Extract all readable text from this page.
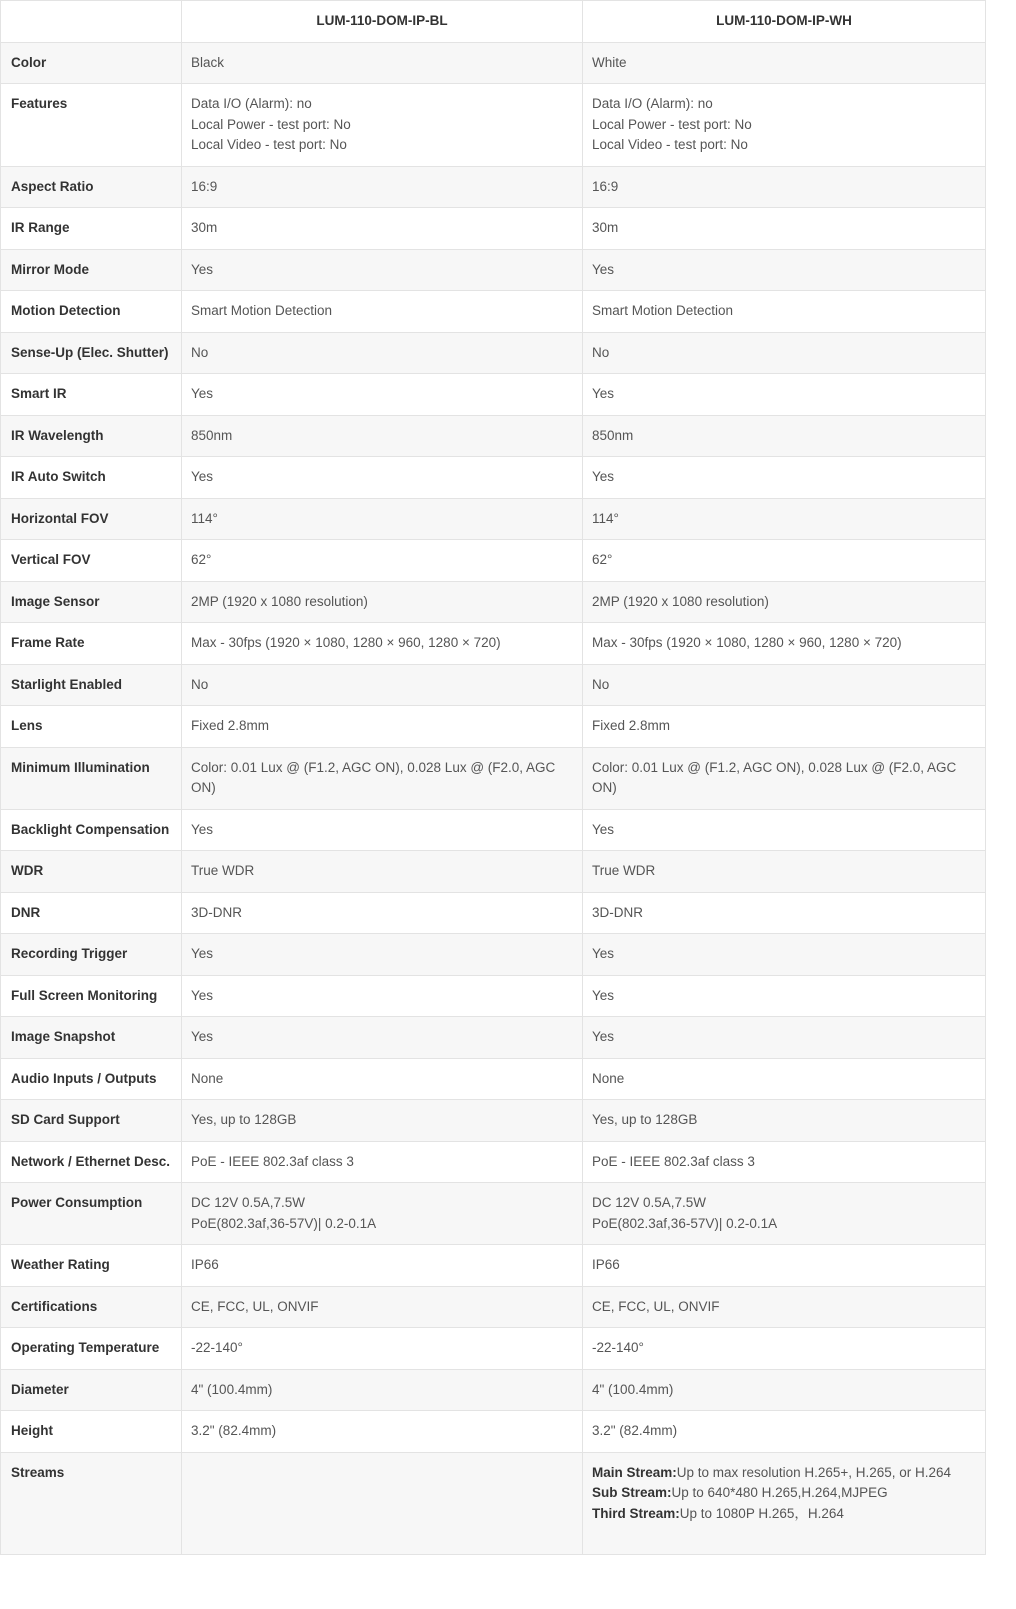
	LUM-110-DOM-IP-BL	LUM-110-DOM-IP-WH
Color	Black	White

Features	Data I/O (Alarm): no
Local Power - test port: No
Local Video - test port: No	Data I/O (Alarm): no
Local Power - test port: No
Local Video - test port: No

Aspect Ratio	16:9	16:9

IR Range	30m	30m

Mirror Mode	Yes	Yes

Motion Detection	Smart Motion Detection	Smart Motion Detection

Sense-Up (Elec. Shutter)	No	No

Smart IR	Yes	Yes

IR Wavelength	850nm	850nm

IR Auto Switch	Yes	Yes

Horizontal FOV	114°	114°

Vertical FOV	62°	62°

Image Sensor	2MP (1920 x 1080 resolution)	2MP (1920 x 1080 resolution)

Frame Rate	Max - 30fps (1920 × 1080, 1280 × 960, 1280 × 720)	Max - 30fps (1920 × 1080, 1280 × 960, 1280 × 720)

Starlight Enabled	No	No

Lens	Fixed 2.8mm	Fixed 2.8mm

Minimum Illumination	Color: 0.01 Lux @ (F1.2, AGC ON), 0.028 Lux @ (F2.0, AGC ON)	Color: 0.01 Lux @ (F1.2, AGC ON), 0.028 Lux @ (F2.0, AGC ON)

Backlight Compensation	Yes	Yes

WDR	True WDR	True WDR

DNR	3D-DNR	3D-DNR

Recording Trigger	Yes	Yes

Full Screen Monitoring	Yes	Yes

Image Snapshot	Yes	Yes

Audio Inputs / Outputs	None	None

SD Card Support	Yes, up to 128GB	Yes, up to 128GB

Network / Ethernet Desc.	PoE - IEEE 802.3af class 3	PoE - IEEE 802.3af class 3

Power Consumption	DC 12V 0.5A,7.5W
PoE(802.3af,36-57V)| 0.2-0.1A	DC 12V 0.5A,7.5W
PoE(802.3af,36-57V)| 0.2-0.1A

Weather Rating	IP66	IP66

Certifications	CE, FCC, UL, ONVIF	CE, FCC, UL, ONVIF

Operating Temperature	-22-140°	-22-140°

Diameter	4" (100.4mm)	4" (100.4mm)

Height	3.2" (82.4mm)	3.2" (82.4mm)

Streams		Main Stream:Up to max resolution H.265+, H.265, or H.264
Sub Stream:Up to 640*480 H.265,H.264,MJPEG
Third Stream:Up to 1080P H.265，H.264
